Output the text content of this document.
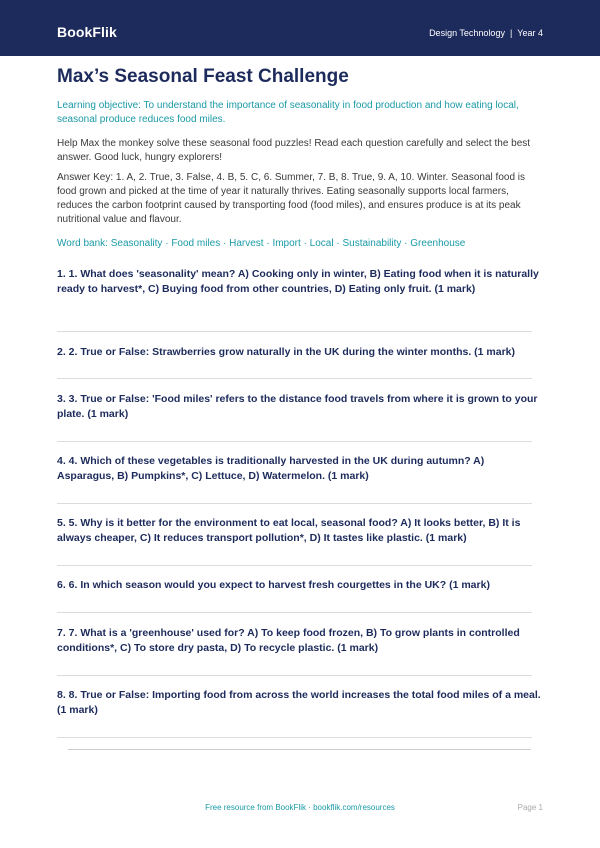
BookFlik	Design Technology | Year 4
Max’s Seasonal Feast Challenge

Learning objective: To understand the importance of seasonality in food production and how eating local, seasonal produce reduces food miles.

Help Max the monkey solve these seasonal food puzzles! Read each question carefully and select the best answer. Good luck, hungry explorers!

Answer Key: 1. A, 2. True, 3. False, 4. B, 5. C, 6. Summer, 7. B, 8. True, 9. A, 10. Winter. Seasonal food is food grown and picked at the time of year it naturally thrives. Eating seasonally supports local farmers, reduces the carbon footprint caused by transporting food (food miles), and ensures produce is at its peak nutritional value and flavour.

Word bank: Seasonality · Food miles · Harvest · Import · Local · Sustainability · Greenhouse

1. 1. What does 'seasonality' mean? A) Cooking only in winter, B) Eating food when it is naturally ready to harvest*, C) Buying food from other countries, D) Eating only fruit. (1 mark)

2. 2. True or False: Strawberries grow naturally in the UK during the winter months. (1 mark)

3. 3. True or False: 'Food miles' refers to the distance food travels from where it is grown to your plate. (1 mark)

4. 4. Which of these vegetables is traditionally harvested in the UK during autumn? A) Asparagus, B) Pumpkins*, C) Lettuce, D) Watermelon. (1 mark)

5. 5. Why is it better for the environment to eat local, seasonal food? A) It looks better, B) It is always cheaper, C) It reduces transport pollution*, D) It tastes like plastic. (1 mark)

6. 6. In which season would you expect to harvest fresh courgettes in the UK? (1 mark)

7. 7. What is a 'greenhouse' used for? A) To keep food frozen, B) To grow plants in controlled conditions*, C) To store dry pasta, D) To recycle plastic. (1 mark)

8. 8. True or False: Importing food from across the world increases the total food miles of a meal. (1 mark)

Free resource from BookFlik · bookflik.com/resources	Page 1
